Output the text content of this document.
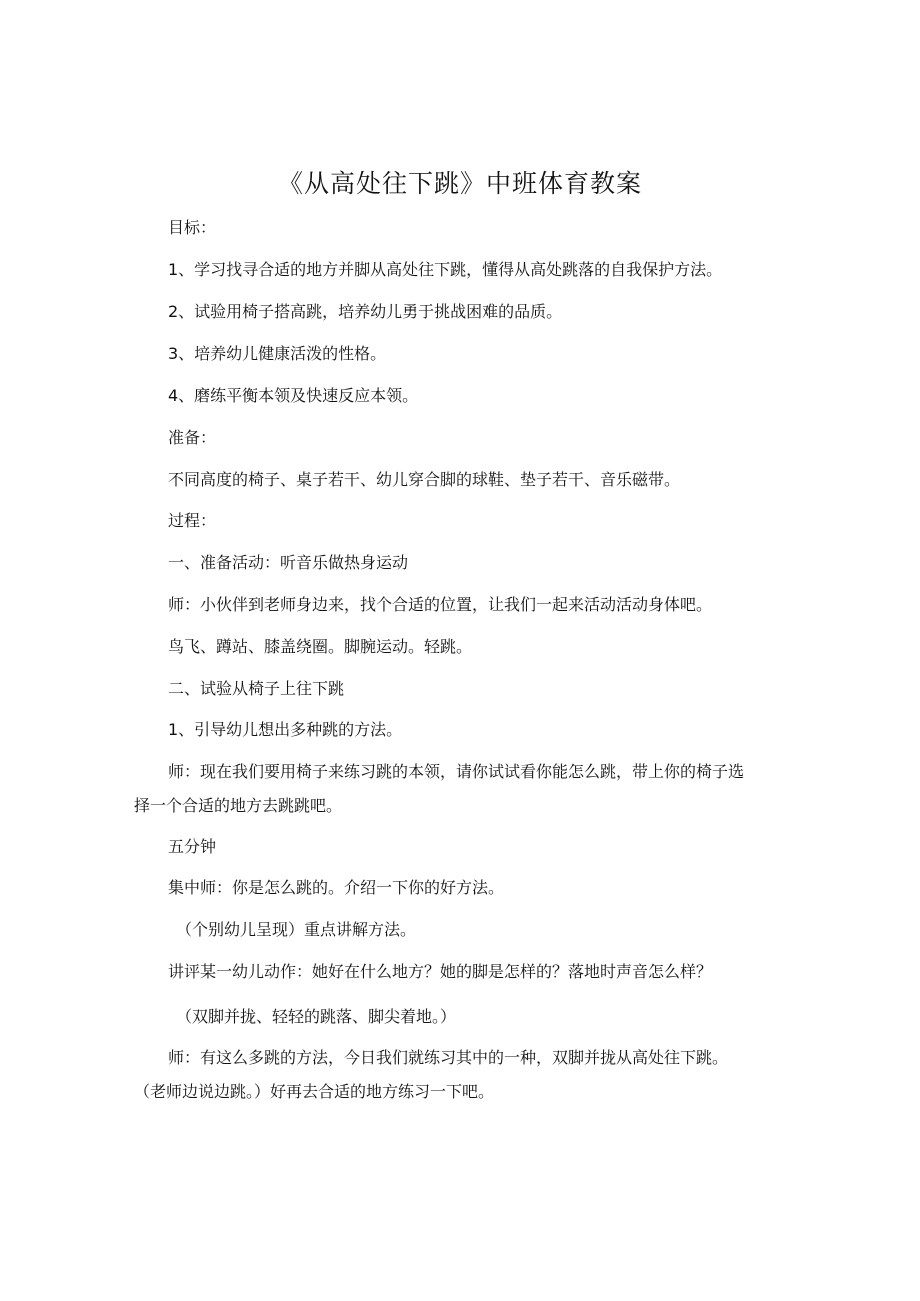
《从高处往下跳》中班体育教案
目标：
1、学习找寻合适的地方并脚从高处往下跳，懂得从高处跳落的自我保护方法。
2、试验用椅子搭高跳，培养幼儿勇于挑战困难的品质。
3、培养幼儿健康活泼的性格。
4、磨练平衡本领及快速反应本领。
准备：
不同高度的椅子、桌子若干、幼儿穿合脚的球鞋、垫子若干、音乐磁带。
过程：
一、准备活动：听音乐做热身运动
师：小伙伴到老师身边来，找个合适的位置，让我们一起来活动活动身体吧。
鸟飞、蹲站、膝盖绕圈。脚腕运动。轻跳。
二、试验从椅子上往下跳
1、引导幼儿想出多种跳的方法。
师：现在我们要用椅子来练习跳的本领，请你试试看你能怎么跳，带上你的椅子选
择一个合适的地方去跳跳吧。
五分钟
集中师：你是怎么跳的。介绍一下你的好方法。
（个别幼儿呈现）重点讲解方法。
讲评某一幼儿动作：她好在什么地方？她的脚是怎样的？落地时声音怎么样？
（双脚并拢、轻轻的跳落、脚尖着地。）
师：有这么多跳的方法，今日我们就练习其中的一种，双脚并拢从高处往下跳。
（老师边说边跳。）好再去合适的地方练习一下吧。
